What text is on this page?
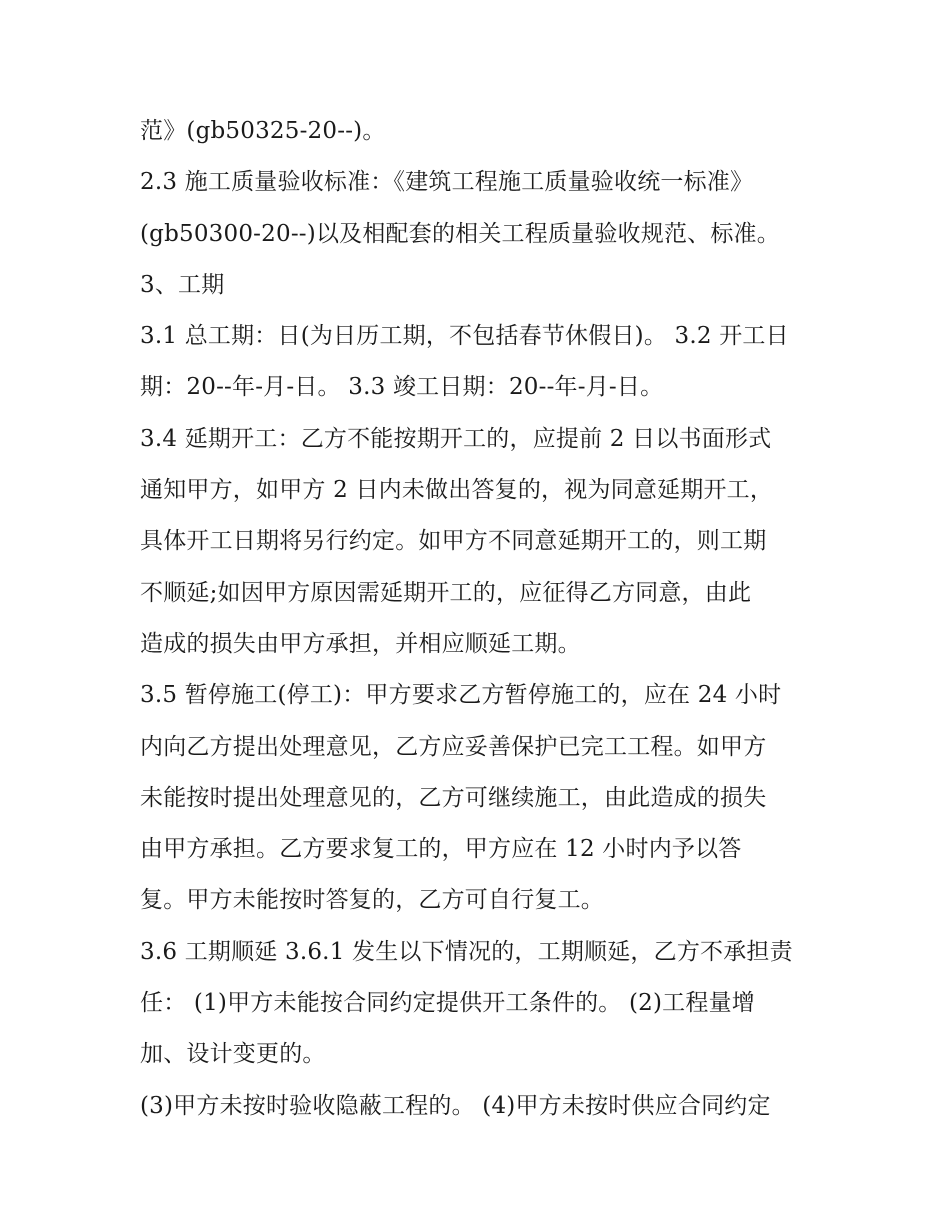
范》(gb50325-20--)。
2.3 施工质量验收标准：《建筑工程施工质量验收统一标准》
(gb50300-20--)以及相配套的相关工程质量验收规范、标准。
3、工期
3.1 总工期：日(为日历工期，不包括春节休假日)。 3.2 开工日
期：20--年-月-日。 3.3 竣工日期：20--年-月-日。
3.4 延期开工：乙方不能按期开工的，应提前 2 日以书面形式
通知甲方，如甲方 2 日内未做出答复的，视为同意延期开工，
具体开工日期将另行约定。如甲方不同意延期开工的，则工期
不顺延;如因甲方原因需延期开工的，应征得乙方同意，由此
造成的损失由甲方承担，并相应顺延工期。
3.5 暂停施工(停工)：甲方要求乙方暂停施工的，应在 24 小时
内向乙方提出处理意见，乙方应妥善保护已完工工程。如甲方
未能按时提出处理意见的，乙方可继续施工，由此造成的损失
由甲方承担。乙方要求复工的，甲方应在 12 小时内予以答
复。甲方未能按时答复的，乙方可自行复工。
3.6 工期顺延 3.6.1 发生以下情况的，工期顺延，乙方不承担责
任： (1)甲方未能按合同约定提供开工条件的。 (2)工程量增
加、设计变更的。
(3)甲方未按时验收隐蔽工程的。 (4)甲方未按时供应合同约定
